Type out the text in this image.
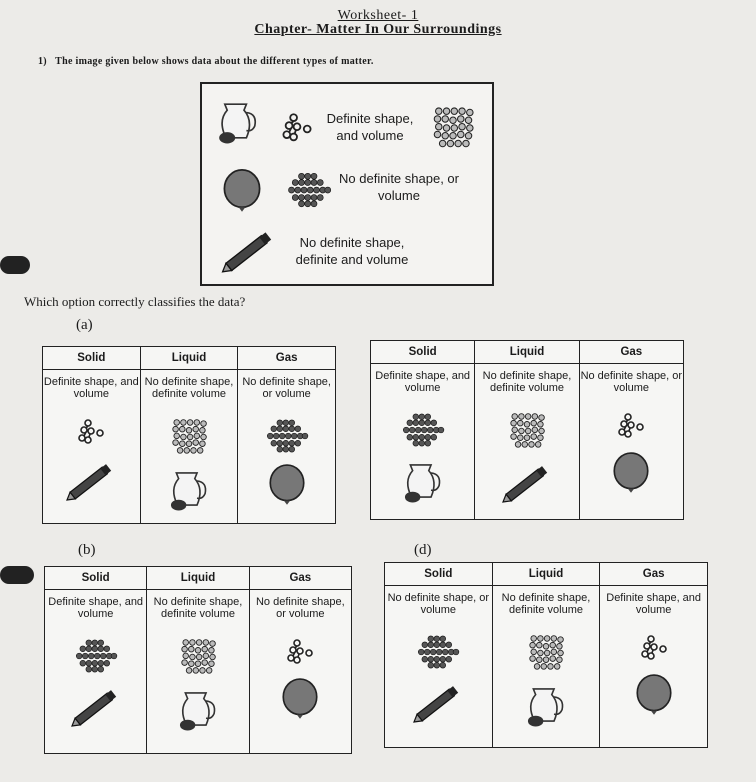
Worksheet- 1
Chapter- Matter In Our Surroundings
1) The image given below shows data about the different types of matter.
Definite shape, and volume
No definite shape, or volume
No definite shape, definite and volume
Which option correctly classifies the data?
(a)
(b)	(d)
Solid	Liquid	Gas

Definite shape, and volume	No definite shape, definite volume	No definite shape, or volume
Solid	Liquid	Gas

Definite shape, and volume	No definite shape, definite volume	No definite shape, or volume
Solid	Liquid	Gas

Definite shape, and volume	No definite shape, definite volume	No definite shape, or volume
Solid	Liquid	Gas

No definite shape, or volume	No definite shape, definite volume	Definite shape, and volume
